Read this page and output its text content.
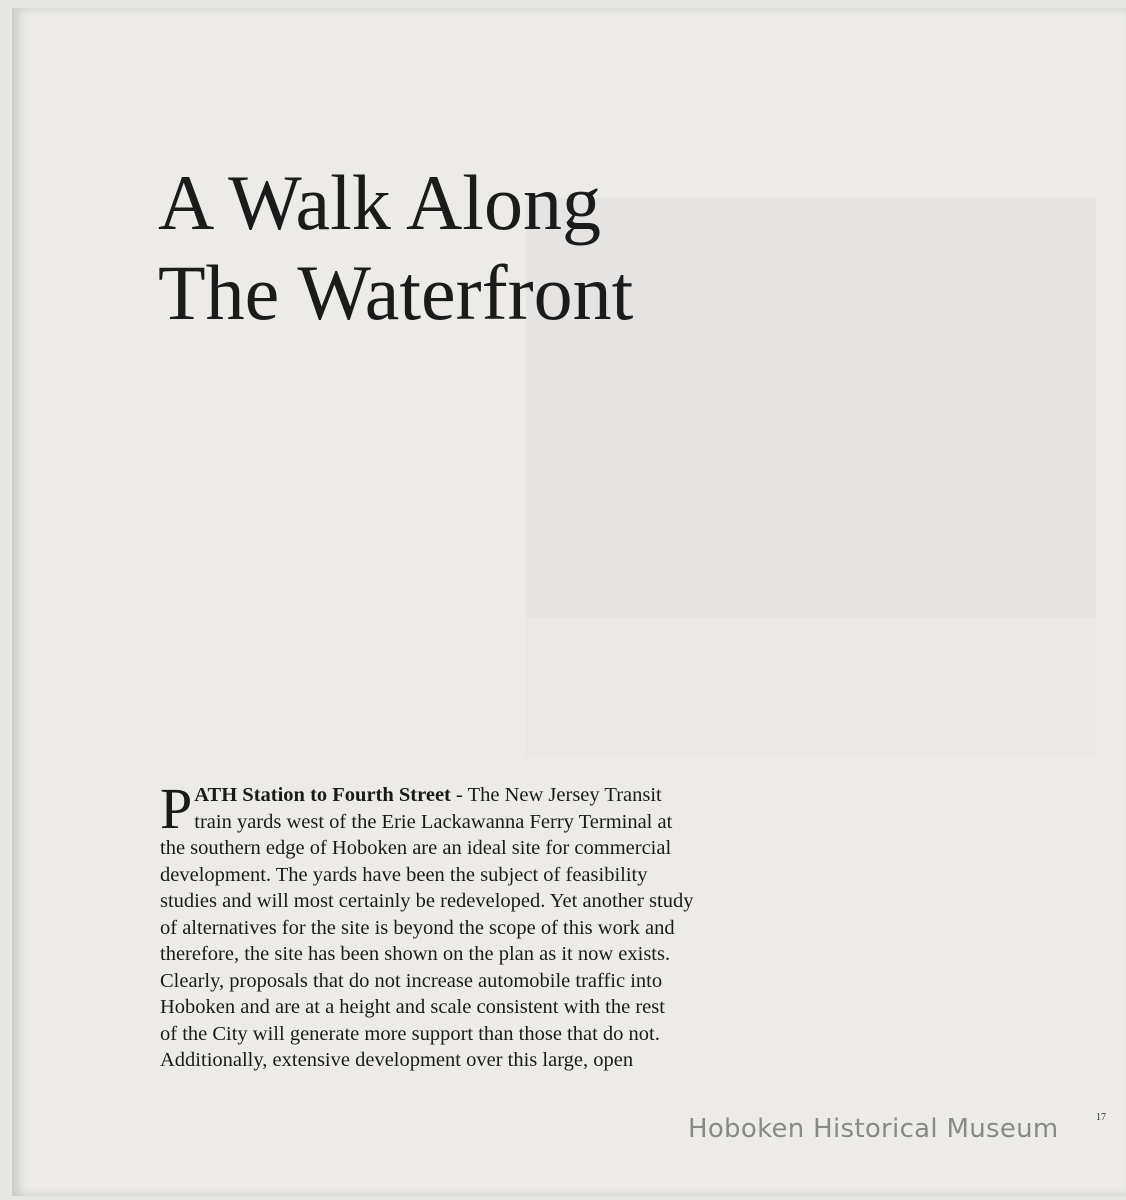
A Walk Along
The Waterfront
P ATH Station to Fourth Street - The New Jersey Transit
train yards west of the Erie Lackawanna Ferry Terminal at
the southern edge of Hoboken are an ideal site for commercial
development. The yards have been the subject of feasibility
studies and will most certainly be redeveloped. Yet another study
of alternatives for the site is beyond the scope of this work and
therefore, the site has been shown on the plan as it now exists.
Clearly, proposals that do not increase automobile traffic into
Hoboken and are at a height and scale consistent with the rest
of the City will generate more support than those that do not.
Additionally, extensive development over this large, open
17
Hoboken Historical Museum
